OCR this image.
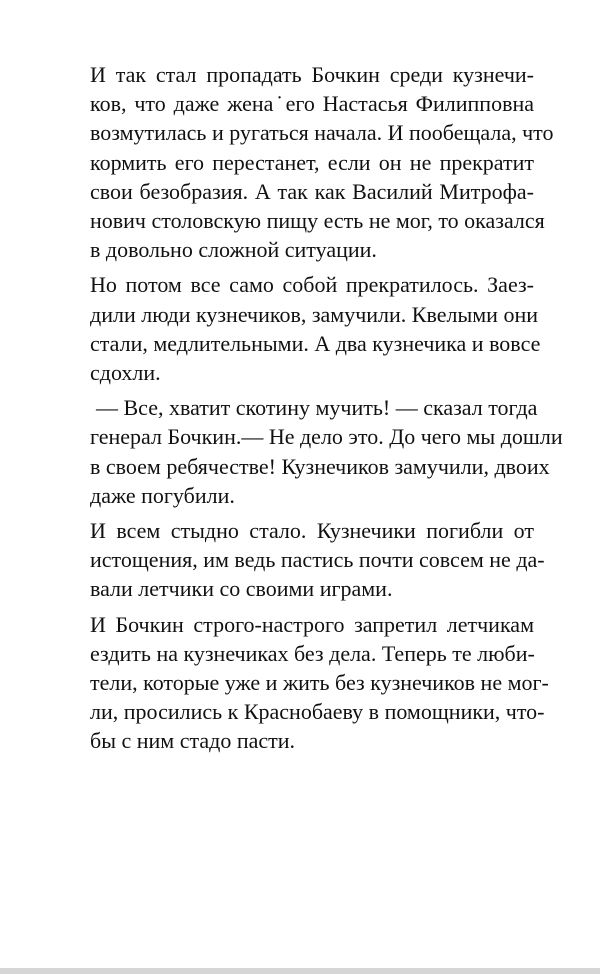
И так стал пропадать Бочкин среди кузнечи-
ков, что даже жена˙его Настасья Филипповна
возмутилась и ругаться начала. И пообещала, что
кормить его перестанет, если он не прекратит
свои безобразия. А так как Василий Митрофа-
нович столовскую пищу есть не мог, то оказался
в довольно сложной ситуации.

Но потом все само собой прекратилось. Заез-
дили люди кузнечиков, замучили. Квелыми они
стали, медлительными. А два кузнечика и вовсе
сдохли.

— Все, хватит скотину мучить! — сказал тогда
генерал Бочкин.— Не дело это. До чего мы дошли
в своем ребячестве! Кузнечиков замучили, двоих
даже погубили.

И всем стыдно стало. Кузнечики погибли от
истощения, им ведь пастись почти совсем не да-
вали летчики со своими играми.

И Бочкин строго-настрого запретил летчикам
ездить на кузнечиках без дела. Теперь те люби-
тели, которые уже и жить без кузнечиков не мог-
ли, просились к Краснобаеву в помощники, что-
бы с ним стадо пасти.
